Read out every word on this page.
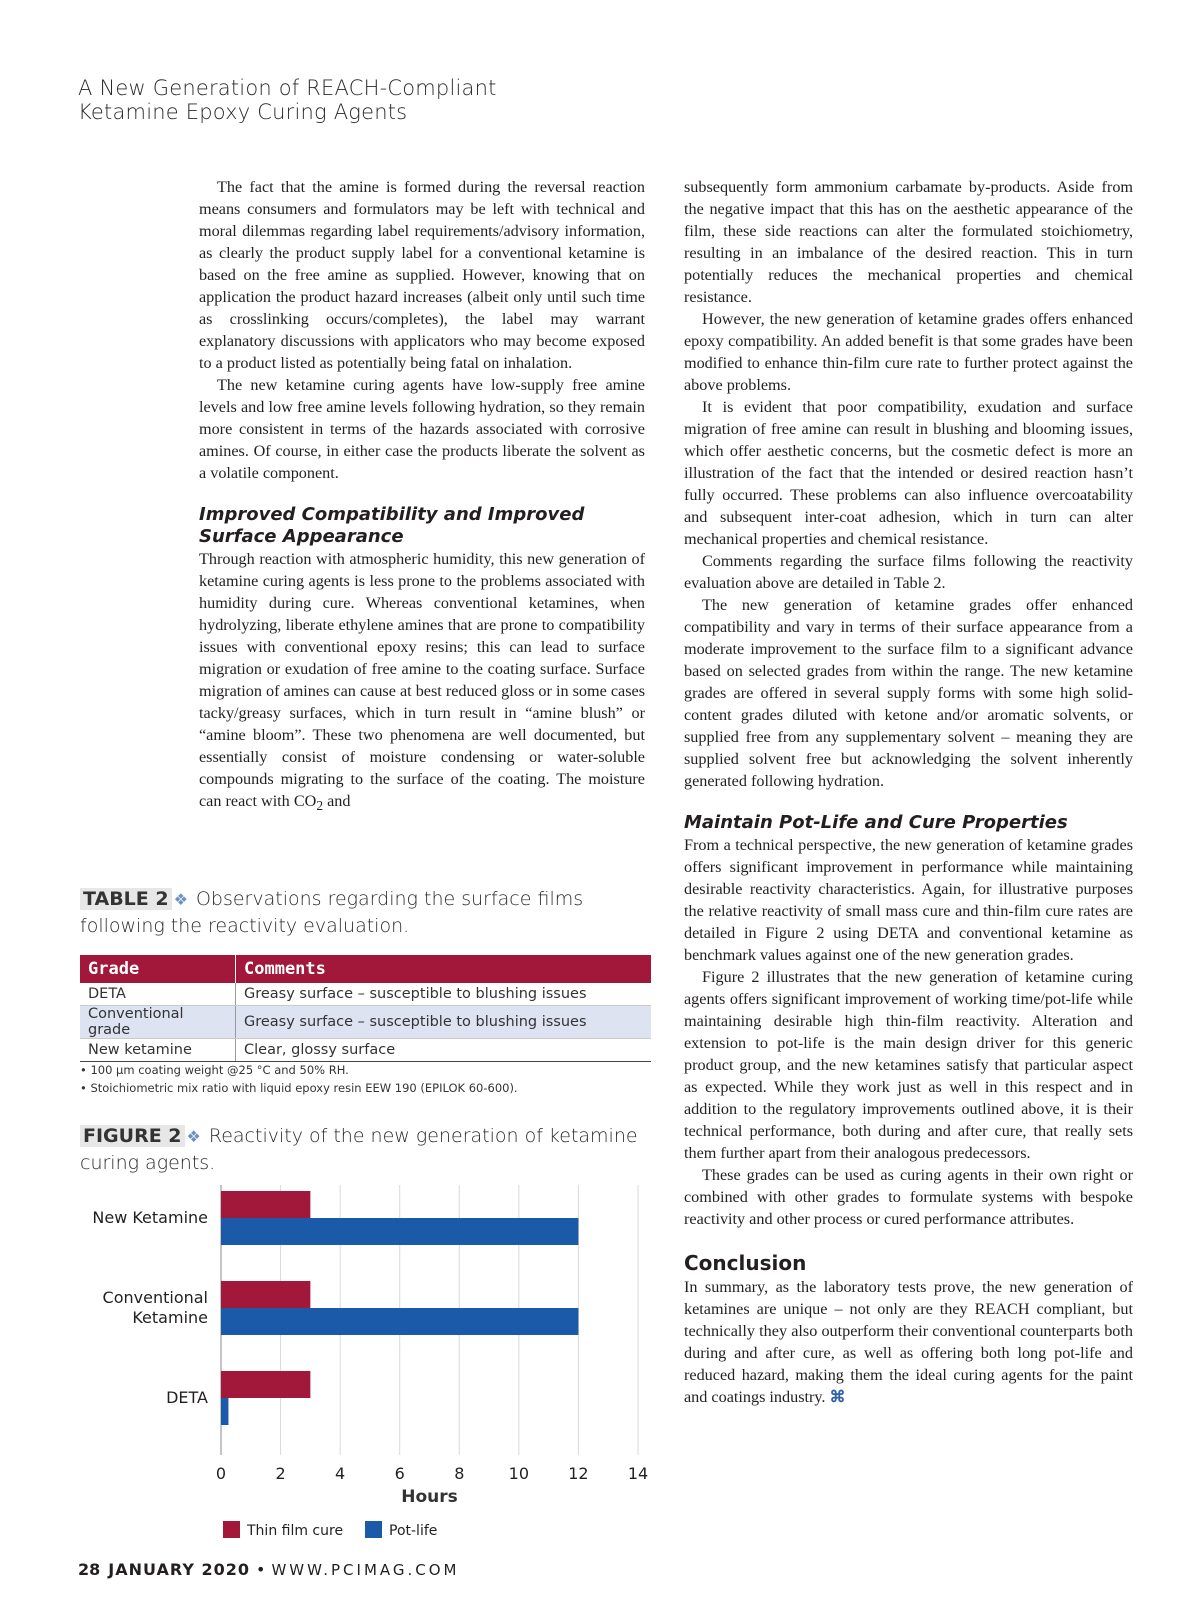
A New Generation of REACH-Compliant
Ketamine Epoxy Curing Agents

The fact that the amine is formed during the reversal reaction means consumers and formulators may be left with technical and moral dilemmas regarding label requirements/advisory information, as clearly the product supply label for a conventional ketamine is based on the free amine as supplied. However, knowing that on application the product hazard increases (albeit only until such time as crosslinking occurs/completes), the label may warrant explanatory discussions with applicators who may become exposed to a product listed as potentially being fatal on inhalation.

The new ketamine curing agents have low-supply free amine levels and low free amine levels following hydration, so they remain more consistent in terms of the hazards associated with corrosive amines. Of course, in either case the products liberate the solvent as a volatile component.

Improved Compatibility and Improved
Surface Appearance

Through reaction with atmospheric humidity, this new generation of ketamine curing agents is less prone to the problems associated with humidity during cure. Whereas conventional ketamines, when hydrolyzing, liberate ethylene amines that are prone to compatibility issues with conventional epoxy resins; this can lead to surface migration or exudation of free amine to the coating surface. Surface migration of amines can cause at best reduced gloss or in some cases tacky/greasy surfaces, which in turn result in “amine blush” or “amine bloom”. These two phenomena are well documented, but essentially consist of moisture condensing or water-soluble compounds migrating to the surface of the coating. The moisture can react with $CO_2$ and

subsequently form ammonium carbamate by-products. Aside from the negative impact that this has on the aesthetic appearance of the film, these side reactions can alter the formulated stoichiometry, resulting in an imbalance of the desired reaction. This in turn potentially reduces the mechanical properties and chemical resistance.

However, the new generation of ketamine grades offers enhanced epoxy compatibility. An added benefit is that some grades have been modified to enhance thin-film cure rate to further protect against the above problems.

It is evident that poor compatibility, exudation and surface migration of free amine can result in blushing and blooming issues, which offer aesthetic concerns, but the cosmetic defect is more an illustration of the fact that the intended or desired reaction hasn’t fully occurred. These problems can also influence overcoatability and subsequent inter-coat adhesion, which in turn can alter mechanical properties and chemical resistance.

Comments regarding the surface films following the reactivity evaluation above are detailed in Table 2.

The new generation of ketamine grades offer enhanced compatibility and vary in terms of their surface appearance from a moderate improvement to the surface film to a significant advance based on selected grades from within the range. The new ketamine grades are offered in several supply forms with some high solid-content grades diluted with ketone and/or aromatic solvents, or supplied free from any supplementary solvent – meaning they are supplied solvent free but acknowledging the solvent inherently generated following hydration.

Maintain Pot-Life and Cure Properties

From a technical perspective, the new generation of ketamine grades offers significant improvement in performance while maintaining desirable reactivity characteristics. Again, for illustrative purposes the relative reactivity of small mass cure and thin-film cure rates are detailed in Figure 2 using DETA and conventional ketamine as benchmark values against one of the new generation grades.

Figure 2 illustrates that the new generation of ketamine curing agents offers significant improvement of working time/pot-life while maintaining desirable high thin-film reactivity. Alteration and extension to pot-life is the main design driver for this generic product group, and the new ketamines satisfy that particular aspect as expected. While they work just as well in this respect and in addition to the regulatory improvements outlined above, it is their technical performance, both during and after cure, that really sets them further apart from their analogous predecessors.

These grades can be used as curing agents in their own right or combined with other grades to formulate systems with bespoke reactivity and other process or cured performance attributes.

Conclusion

In summary, as the laboratory tests prove, the new generation of ketamines are unique – not only are they REACH compliant, but technically they also outperform their conventional counterparts both during and after cure, as well as offering both long pot-life and reduced hazard, making them the ideal curing agents for the paint and coatings industry. ⌘

TABLE 2 ❖ Observations regarding the surface films following the reactivity evaluation.
Grade	Comments
DETA	Greasy surface – susceptible to blushing issues
Conventional grade	Greasy surface – susceptible to blushing issues
New ketamine	Clear, glossy surface
• 100 µm coating weight @25 °C and 50% RH.
• Stoichiometric mix ratio with liquid epoxy resin EEW 190 (EPILOK 60-600).
FIGURE 2 ❖ Reactivity of the new generation of ketamine curing agents.
New Ketamine
Conventional Ketamine
DETA
0	2	4	6	8	10 12 14
Hours
Thin film cure	Pot-life
28 JANUARY 2020 • WWW.PCIMAG.COM
